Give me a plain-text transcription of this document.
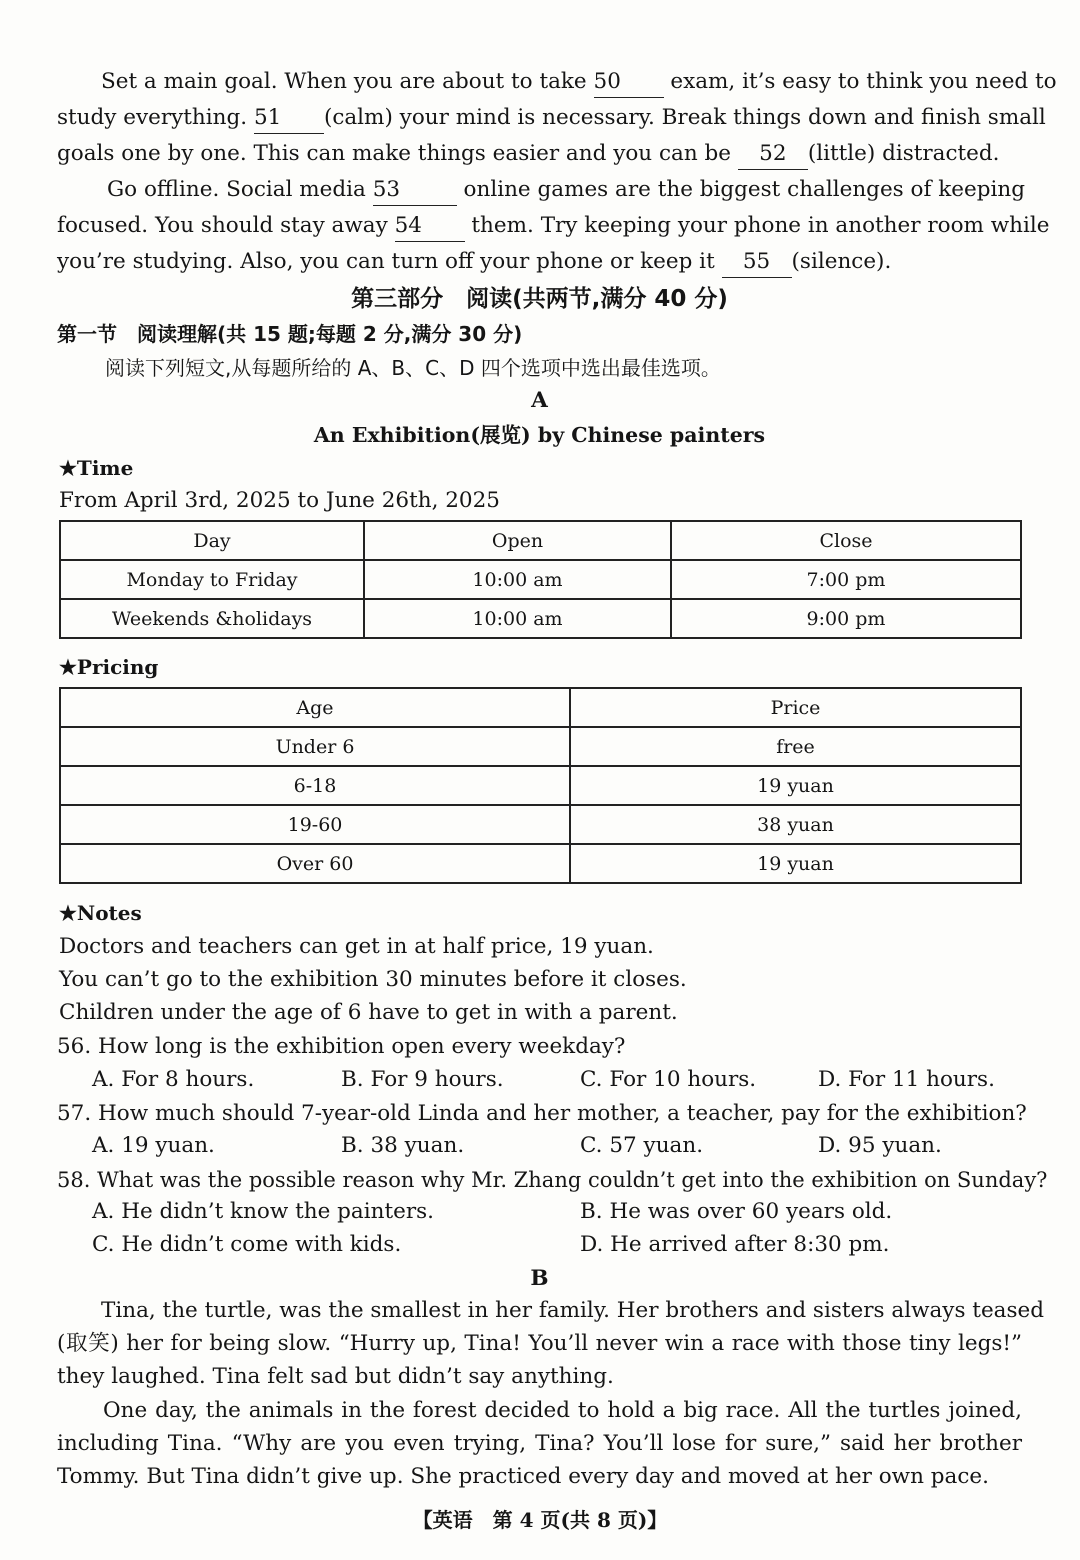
Set a main goal. When you are about to take 50 exam, it’s easy to think you need to
study everything. 51 (calm) your mind is necessary. Break things down and finish small
goals one by one. This can make things easier and you can be 52 (little) distracted.
Go offline. Social media 53	online games are the biggest challenges of keeping
focused. You should stay away 54 them. Try keeping your phone in another room while
you’re studying. Also, you can turn off your phone or keep it 55 (silence).
第三部分　阅读(共两节,满分 40 分)
第一节　阅读理解(共 15 题;每题 2 分,满分 30 分)
阅读下列短文,从每题所给的 A、B、C、D 四个选项中选出最佳选项。
A
An Exhibition(展览) by Chinese painters
★Time
From April 3rd, 2025 to June 26th, 2025
Day	Open	Close
Monday to Friday	10:00 am	7:00 pm
Weekends &holidays	10:00 am	9:00 pm
★Pricing
Age	Price
Under 6	free
6-18	19 yuan
19-60	38 yuan
Over 60	19 yuan
★Notes
Doctors and teachers can get in at half price, 19 yuan.
You can’t go to the exhibition 30 minutes before it closes.
Children under the age of 6 have to get in with a parent.
56. How long is the exhibition open every weekday?
A. For 8 hours.	B. For 9 hours.	C. For 10 hours.	D. For 11 hours.
57. How much should 7-year-old Linda and her mother, a teacher, pay for the exhibition?
A. 19 yuan.	B. 38 yuan.	C. 57 yuan.	D. 95 yuan.
58. What was the possible reason why Mr. Zhang couldn’t get into the exhibition on Sunday?
A. He didn’t know the painters.	B. He was over 60 years old.
C. He didn’t come with kids.	D. He arrived after 8:30 pm.
B
Tina, the turtle, was the smallest in her family. Her brothers and sisters always teased
(取笑) her for being slow. “Hurry up, Tina! You’ll never win a race with those tiny legs!”
they laughed. Tina felt sad but didn’t say anything.
One day, the animals in the forest decided to hold a big race. All the turtles joined,
including Tina. “Why are you even trying, Tina? You’ll lose for sure,” said her brother
Tommy. But Tina didn’t give up. She practiced every day and moved at her own pace.
【英语　第 4 页(共 8 页)】
